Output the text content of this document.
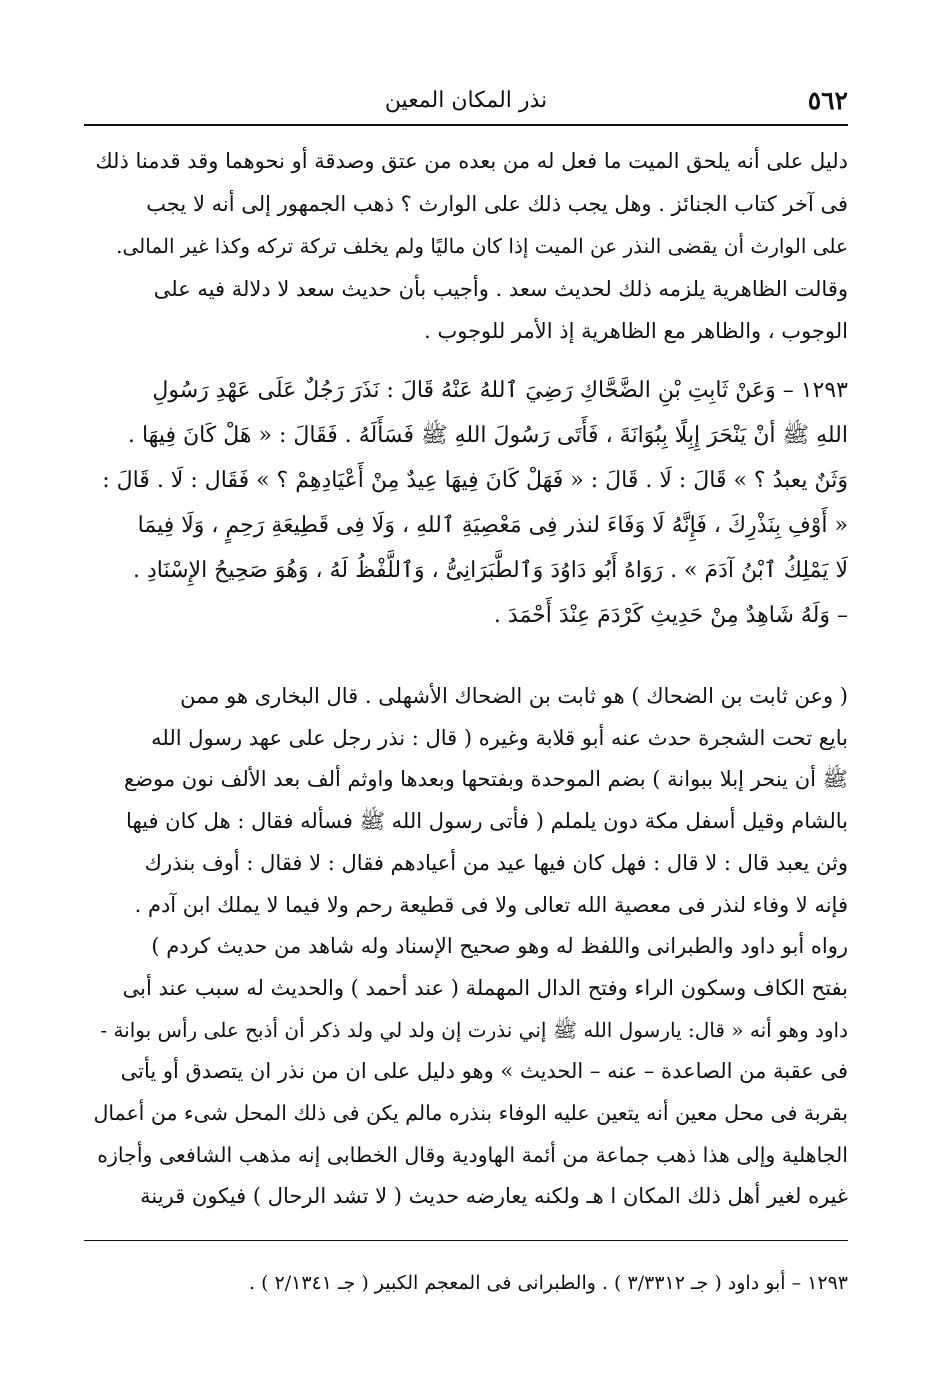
٥٦٢
نذر المكان المعين
دليل على أنه يلحق الميت ما فعل له من بعده من عتق وصدقة أو نحوهما وقد قدمنا ذلك
فى آخر كتاب الجنائز . وهل يجب ذلك على الوارث ؟ ذهب الجمهور إلى أنه لا يجب
على الوارث أن يقضى النذر عن الميت إذا كان ماليًا ولم يخلف تركة تركه وكذا غير المالى.
وقالت الظاهرية يلزمه ذلك لحديث سعد . وأجيب بأن حديث سعد لا دلالة فيه على
الوجوب ، والظاهر مع الظاهرية إذ الأمر للوجوب .
١٢٩٣ – وَعَنْ ثَابِتِ بْنِ الضَّحَّاكِ رَضِيَ ٱللهُ عَنْهُ قَالَ : نَذَرَ رَجُلٌ عَلَى عَهْدِ رَسُولِ
اللهِ ﷺ أنْ يَنْحَرَ إِبِلًا بِبُوَانَةَ ، فَأَتَى رَسُولَ اللهِ ﷺ فَسَأَلَهُ . فَقَالَ : « هَلْ كَانَ فِيهَا .
وَثَنٌ يعبدُ ؟ » قَالَ : لَا . قَالَ : « فَهَلْ كَانَ فِيهَا عِيدٌ مِنْ أَعْيَادِهِمْ ؟ » فَقَال : لَا . قَالَ :
« أَوْفِ بِنَذْرِكَ ، فَإِنَّهُ لَا وَفَاءَ لنذر فِى مَعْصِيَةِ ٱللهِ ، وَلَا فِى قَطِيعَةِ رَحِمٍ ، وَلَا فِيمَا
لَا يَمْلِكُ ٱبْنُ آدَمَ » . رَوَاهُ أَبُو دَاوُدَ وَٱلطَّبَرَانِىُّ ، وَٱللَّفْظُ لَهُ ، وَهُوَ صَحِيحُ الإِسْنَادِ .
– وَلَهُ شَاهِدٌ مِنْ حَدِيثِ كَرْدَمَ عِنْدَ أَحْمَدَ .
( وعن ثابت بن الضحاك ) هو ثابت بن الضحاك الأشهلى . قال البخارى هو ممن
بايع تحت الشجرة حدث عنه أبو قلابة وغيره ( قال : نذر رجل على عهد رسول الله
ﷺ أن ينحر إبلا ببوانة ) بضم الموحدة وبفتحها وبعدها واوثم ألف بعد الألف نون موضع
بالشام وقيل أسفل مكة دون يلملم ( فأتى رسول الله ﷺ فسأله فقال : هل كان فيها
وثن يعبد قال : لا قال : فهل كان فيها عيد من أعيادهم فقال : لا فقال : أوف بنذرك
فإنه لا وفاء لنذر فى معصية الله تعالى ولا فى قطيعة رحم ولا فيما لا يملك ابن آدم .
رواه أبو داود والطبرانى واللفظ له وهو صحيح الإسناد وله شاهد من حديث كردم )
بفتح الكاف وسكون الراء وفتح الدال المهملة ( عند أحمد ) والحديث له سبب عند أبى
داود وهو أنه « قال: يارسول الله ﷺ إني نذرت إن ولد لي ولد ذكر أن أذبح على رأس بوانة -
فى عقبة من الصاعدة – عنه – الحديث » وهو دليل على ان من نذر ان يتصدق أو يأتى
بقربة فى محل معين أنه يتعين عليه الوفاء بنذره مالم يكن فى ذلك المحل شىء من أعمال
الجاهلية وإلى هذا ذهب جماعة من أئمة الهاودية وقال الخطابى إنه مذهب الشافعى وأجازه
غيره لغير أهل ذلك المكان ا هـ ولكنه يعارضه حديث ( لا تشد الرحال ) فيكون قرينة
١٢٩٣ – أبو داود ( جـ ٣/٣٣١٢ ) . والطبرانى فى المعجم الكبير ( جـ ٢/١٣٤١ ) .
